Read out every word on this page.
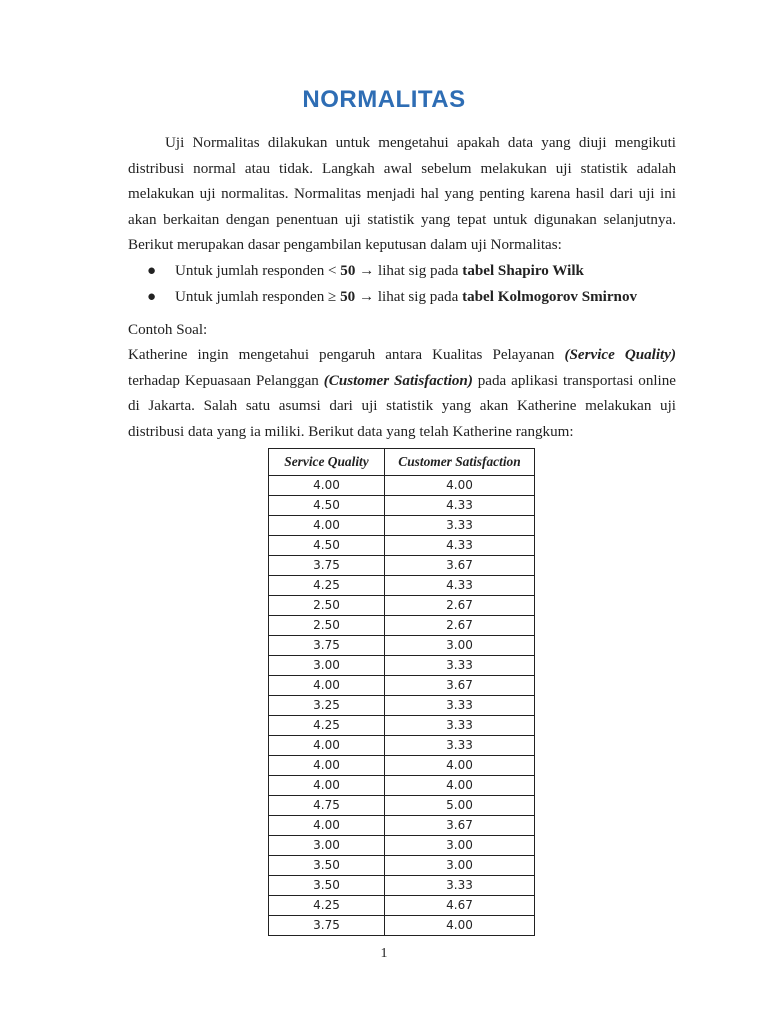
NORMALITAS

Uji Normalitas dilakukan untuk mengetahui apakah data yang diuji mengikuti distribusi normal atau tidak. Langkah awal sebelum melakukan uji statistik adalah melakukan uji normalitas. Normalitas menjadi hal yang penting karena hasil dari uji ini akan berkaitan dengan penentuan uji statistik yang tepat untuk digunakan selanjutnya. Berikut merupakan dasar pengambilan keputusan dalam uji Normalitas:

● Untuk jumlah responden < 50 → lihat sig pada tabel Shapiro Wilk
● Untuk jumlah responden ≥ 50 → lihat sig pada tabel Kolmogorov Smirnov

Contoh Soal:

Katherine ingin mengetahui pengaruh antara Kualitas Pelayanan (Service Quality) terhadap Kepuasaan Pelanggan (Customer Satisfaction) pada aplikasi transportasi online di Jakarta. Salah satu asumsi dari uji statistik yang akan Katherine melakukan uji distribusi data yang ia miliki. Berikut data yang telah Katherine rangkum:

Service Quality	Customer Satisfaction
4.00	4.00
4.50	4.33
4.00	3.33
4.50	4.33
3.75	3.67
4.25	4.33
2.50	2.67
2.50	2.67
3.75	3.00
3.00	3.33
4.00	3.67
3.25	3.33
4.25	3.33
4.00	3.33
4.00	4.00
4.00	4.00
4.75	5.00
4.00	3.67
3.00	3.00
3.50	3.00
3.50	3.33
4.25	4.67
3.75	4.00

1
